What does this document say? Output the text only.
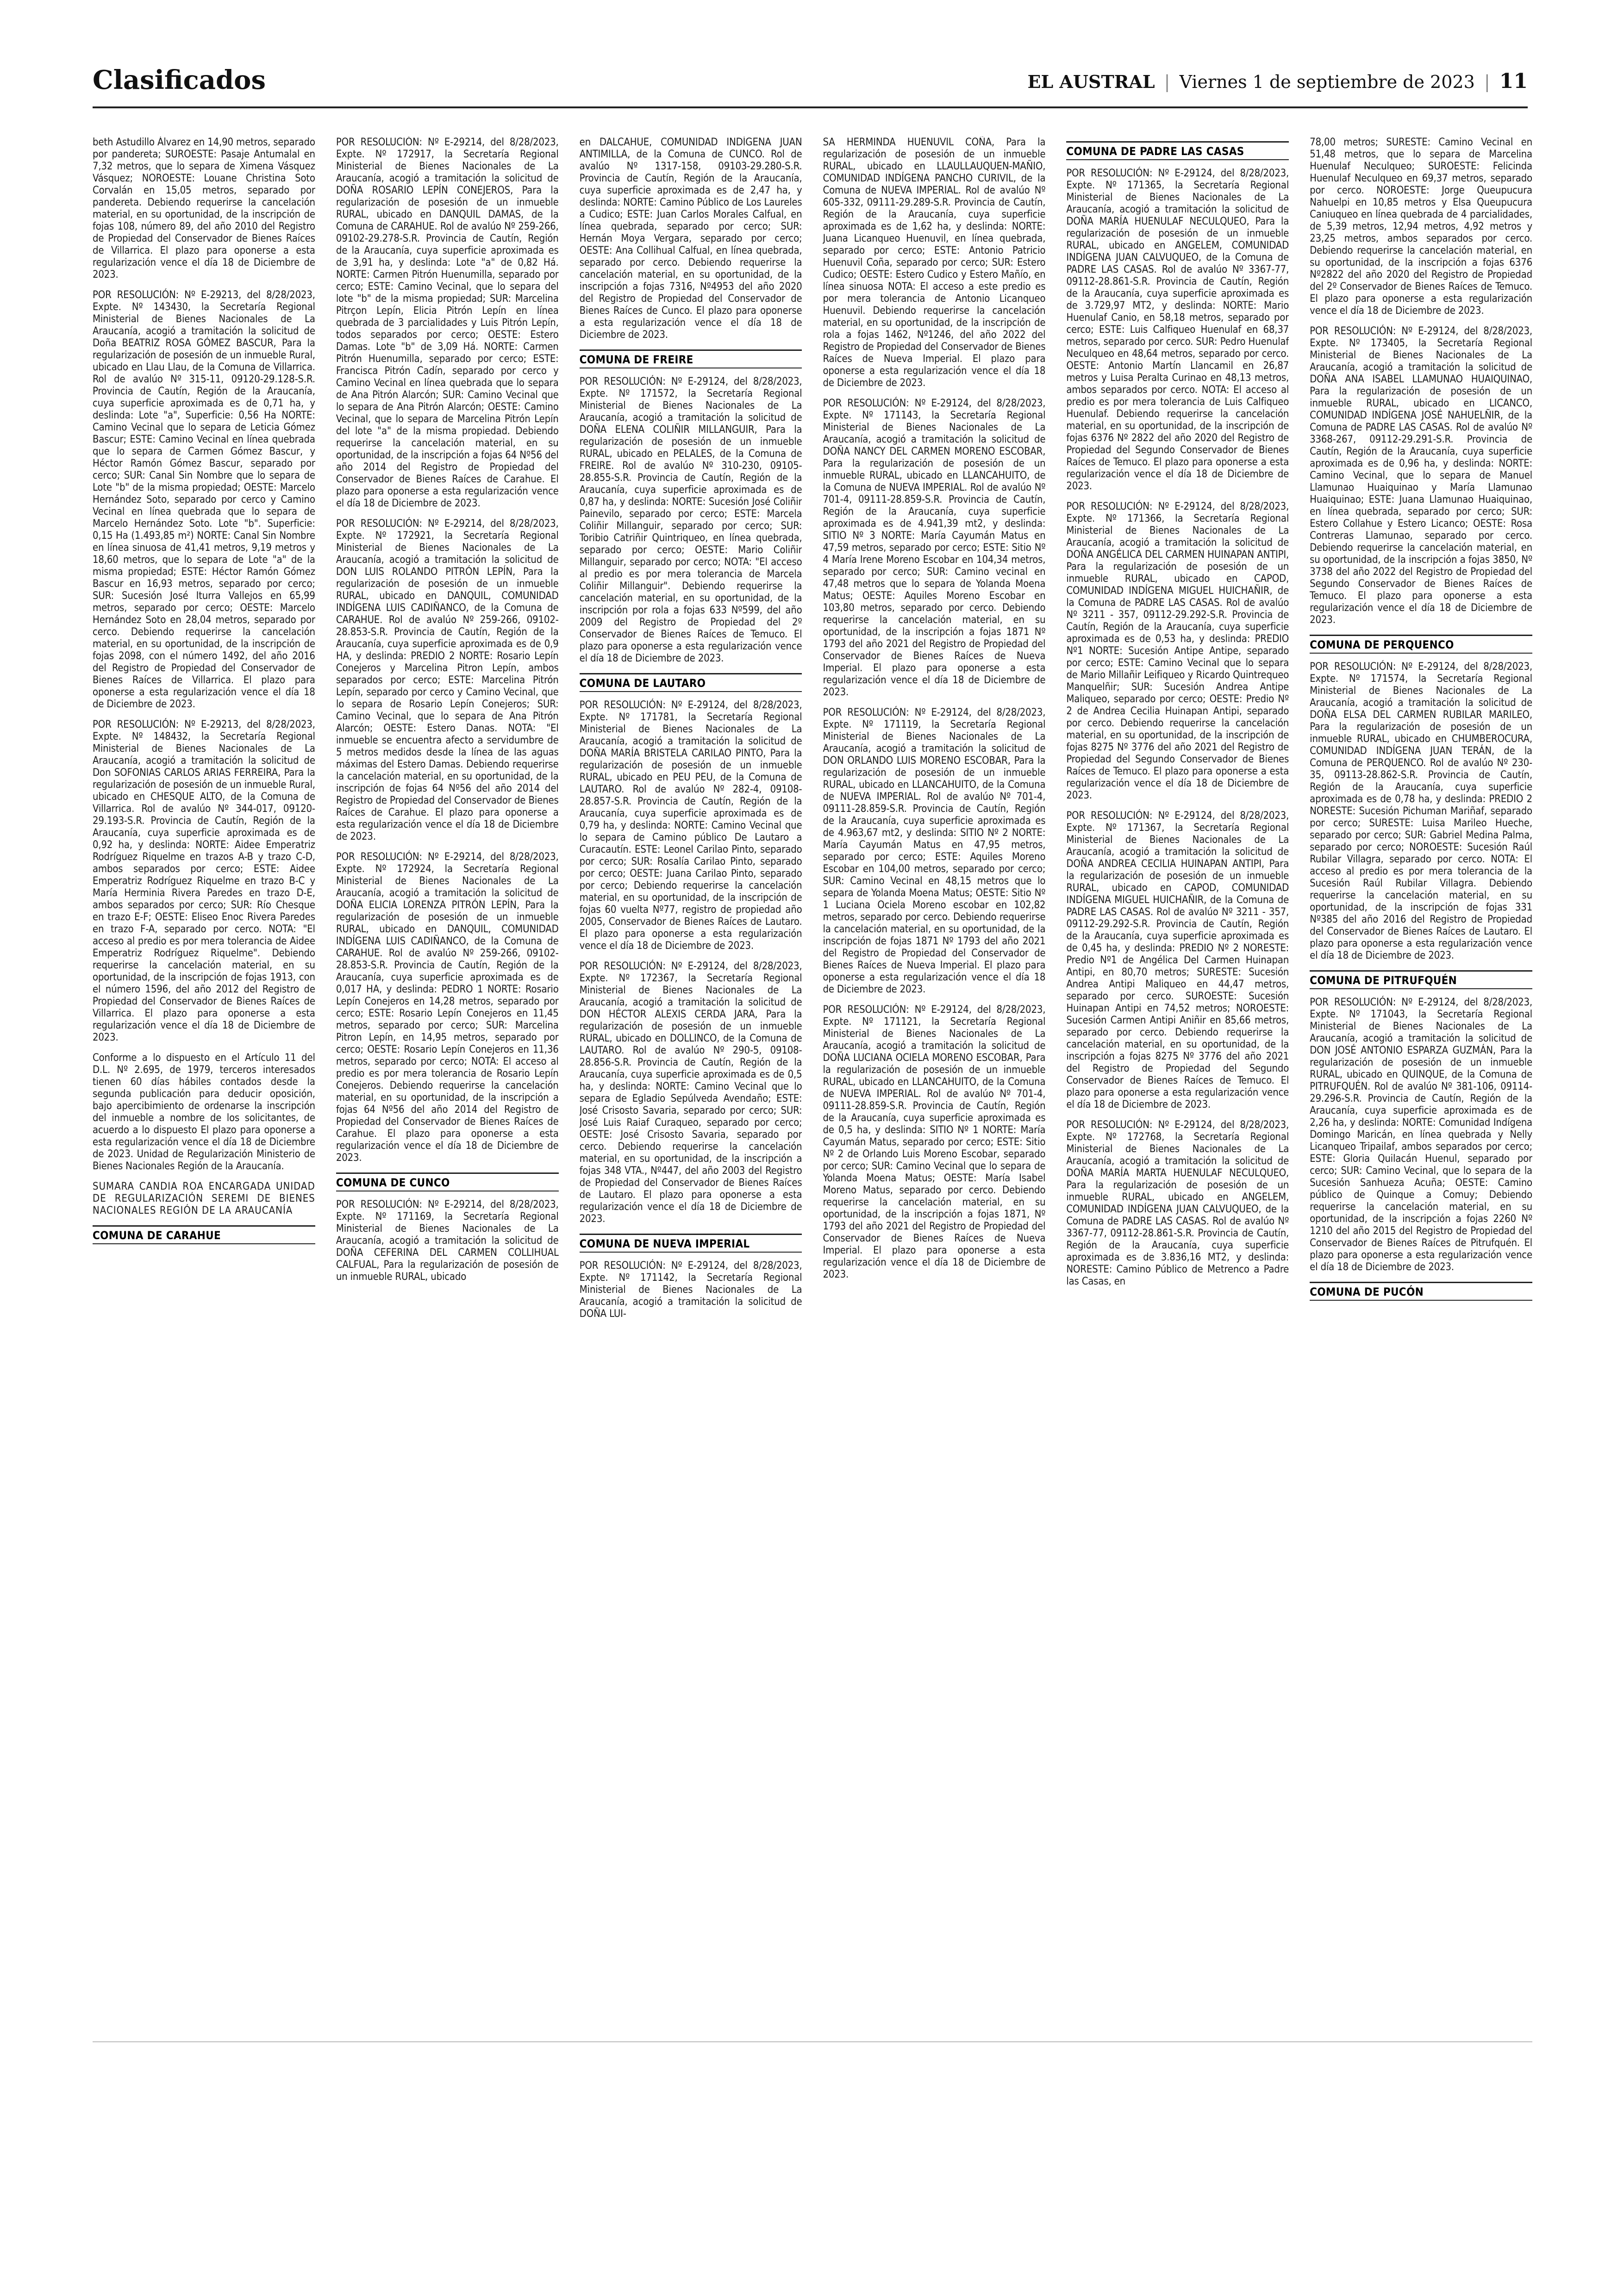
Clasificados	EL AUSTRAL | Viernes 1 de septiembre de 2023 | 11

beth Astudillo Álvarez en 14,90 metros, separado por pandereta; SUROESTE: Pasaje Antumalal en 7,32 metros, que lo separa de Ximena Vásquez Vásquez; NOROESTE: Louane Christina Soto Corvalán en 15,05 metros, separado por pandereta. Debiendo requerirse la cancelación material, en su oportunidad, de la inscripción de fojas 108, número 89, del año 2010 del Registro de Propiedad del Conservador de Bienes Raíces de Villarrica. El plazo para oponerse a esta regularización vence el día 18 de Diciembre de 2023.

POR RESOLUCIÓN: Nº E-29213, del 8/28/2023, Expte. Nº 143430, la Secretaría Regional Ministerial de Bienes Nacionales de La Araucanía, acogió a tramitación la solicitud de Doña BEATRIZ ROSA GÓMEZ BASCUR, Para la regularización de posesión de un inmueble Rural, ubicado en Llau Llau, de la Comuna de Villarrica. Rol de avalúo Nº 315-11, 09120-29.128-S.R. Provincia de Cautín, Región de la Araucanía, cuya superficie aproximada es de 0,71 ha, y deslinda: Lote "a", Superficie: 0,56 Ha NORTE: Camino Vecinal que lo separa de Leticia Gómez Bascur; ESTE: Camino Vecinal en línea quebrada que lo separa de Carmen Gómez Bascur, y Héctor Ramón Gómez Bascur, separado por cerco; SUR: Canal Sin Nombre que lo separa de Lote "b" de la misma propiedad; OESTE: Marcelo Hernández Soto, separado por cerco y Camino Vecinal en línea quebrada que lo separa de Marcelo Hernández Soto. Lote "b". Superficie: 0,15 Ha (1.493,85 m²) NORTE: Canal Sin Nombre en línea sinuosa de 41,41 metros, 9,19 metros y 18,60 metros, que lo separa de Lote "a" de la misma propiedad; ESTE: Héctor Ramón Gómez Bascur en 16,93 metros, separado por cerco; SUR: Sucesión José Iturra Vallejos en 65,99 metros, separado por cerco; OESTE: Marcelo Hernández Soto en 28,04 metros, separado por cerco. Debiendo requerirse la cancelación material, en su oportunidad, de la inscripción de fojas 2098, con el número 1492, del año 2016 del Registro de Propiedad del Conservador de Bienes Raíces de Villarrica. El plazo para oponerse a esta regularización vence el día 18 de Diciembre de 2023.

POR RESOLUCIÓN: Nº E-29213, del 8/28/2023, Expte. Nº 148432, la Secretaría Regional Ministerial de Bienes Nacionales de La Araucanía, acogió a tramitación la solicitud de Don SOFONIAS CARLOS ARIAS FERREIRA, Para la regularización de posesión de un inmueble Rural, ubicado en CHESQUE ALTO, de la Comuna de Villarrica. Rol de avalúo Nº 344-017, 09120-29.193-S.R. Provincia de Cautín, Región de la Araucanía, cuya superficie aproximada es de 0,92 ha, y deslinda: NORTE: Aidee Emperatriz Rodríguez Riquelme en trazos A-B y trazo C-D, ambos separados por cerco; ESTE: Aidee Emperatriz Rodríguez Riquelme en trazo B-C y María Herminia Rivera Paredes en trazo D-E, ambos separados por cerco; SUR: Río Chesque en trazo E-F; OESTE: Eliseo Enoc Rivera Paredes en trazo F-A, separado por cerco. NOTA: "El acceso al predio es por mera tolerancia de Aidee Emperatriz Rodríguez Riquelme". Debiendo requerirse la cancelación material, en su oportunidad, de la inscripción de fojas 1913, con el número 1596, del año 2012 del Registro de Propiedad del Conservador de Bienes Raíces de Villarrica. El plazo para oponerse a esta regularización vence el día 18 de Diciembre de 2023.

Conforme a lo dispuesto en el Artículo 11 del D.L. Nº 2.695, de 1979, terceros interesados tienen 60 días hábiles contados desde la segunda publicación para deducir oposición, bajo apercibimiento de ordenarse la inscripción del inmueble a nombre de los solicitantes, de acuerdo a lo dispuesto El plazo para oponerse a esta regularización vence el día 18 de Diciembre de 2023. Unidad de Regularización Ministerio de Bienes Nacionales Región de la Araucanía.

SUMARA CANDIA ROA ENCARGADA UNIDAD DE REGULARIZACIÓN SEREMI DE BIENES NACIONALES REGIÓN DE LA ARAUCANÍA
COMUNA DE CARAHUE

POR RESOLUCIÓN: Nº E-29214, del 8/28/2023, Expte. Nº 172917, la Secretaría Regional Ministerial de Bienes Nacionales de La Araucanía, acogió a tramitación la solicitud de DOÑA ROSARIO LEPÍN CONEJEROS, Para la regularización de posesión de un inmueble RURAL, ubicado en DANQUIL DAMAS, de la Comuna de CARAHUE. Rol de avalúo Nº 259-266, 09102-29.278-S.R. Provincia de Cautín, Región de la Araucanía, cuya superficie aproximada es de 3,91 ha, y deslinda: Lote "a" de 0,82 Há. NORTE: Carmen Pitrón Huenumilla, separado por cerco; ESTE: Camino Vecinal, que lo separa del lote "b" de la misma propiedad; SUR: Marcelina Pitrçon Lepín, Elicia Pitrón Lepín en línea quebrada de 3 parcialidades y Luis Pitrón Lepín, todos separados por cerco; OESTE: Estero Damas. Lote "b" de 3,09 Há. NORTE: Carmen Pitrón Huenumilla, separado por cerco; ESTE: Francisca Pitrón Cadín, separado por cerco y Camino Vecinal en línea quebrada que lo separa de Ana Pitrón Alarcón; SUR: Camino Vecinal que lo separa de Ana Pitrón Alarcón; OESTE: Camino Vecinal, que lo separa de Marcelina Pitrón Lepín del lote "a" de la misma propiedad. Debiendo requerirse la cancelación material, en su oportunidad, de la inscripción a fojas 64 Nº56 del año 2014 del Registro de Propiedad del Conservador de Bienes Raíces de Carahue. El plazo para oponerse a esta regularización vence el día 18 de Diciembre de 2023.

POR RESOLUCIÓN: Nº E-29214, del 8/28/2023, Expte. Nº 172921, la Secretaría Regional Ministerial de Bienes Nacionales de La Araucanía, acogió a tramitación la solicitud de DON LUIS ROLANDO PITRÓN LEPÍN, Para la regularización de posesión de un inmueble RURAL, ubicado en DANQUIL, COMUNIDAD INDÍGENA LUIS CADIÑANCO, de la Comuna de CARAHUE. Rol de avalúo Nº 259-266, 09102-28.853-S.R. Provincia de Cautín, Región de la Araucanía, cuya superficie aproximada es de 0,9 HA, y deslinda: PREDIO 2 NORTE: Rosario Lepín Conejeros y Marcelina Pitron Lepín, ambos separados por cerco; ESTE: Marcelina Pitrón Lepín, separado por cerco y Camino Vecinal, que lo separa de Rosario Lepín Conejeros; SUR: Camino Vecinal, que lo separa de Ana Pitrón Alarcón; OESTE: Estero Danas. NOTA: "El inmueble se encuentra afecto a servidumbre de 5 metros medidos desde la línea de las aguas máximas del Estero Damas. Debiendo requerirse la cancelación material, en su oportunidad, de la inscripción de fojas 64 Nº56 del año 2014 del Registro de Propiedad del Conservador de Bienes Raíces de Carahue. El plazo para oponerse a esta regularización vence el día 18 de Diciembre de 2023.

POR RESOLUCIÓN: Nº E-29214, del 8/28/2023, Expte. Nº 172924, la Secretaría Regional Ministerial de Bienes Nacionales de La Araucanía, acogió a tramitación la solicitud de DOÑA ELICIA LORENZA PITRÓN LEPÍN, Para la regularización de posesión de un inmueble RURAL, ubicado en DANQUIL, COMUNIDAD INDÍGENA LUIS CADIÑANCO, de la Comuna de CARAHUE. Rol de avalúo Nº 259-266, 09102-28.853-S.R. Provincia de Cautín, Región de la Araucanía, cuya superficie aproximada es de 0,017 HA, y deslinda: PEDRO 1 NORTE: Rosario Lepín Conejeros en 14,28 metros, separado por cerco; ESTE: Rosario Lepín Conejeros en 11,45 metros, separado por cerco; SUR: Marcelina Pitron Lepín, en 14,95 metros, separado por cerco; OESTE: Rosario Lepín Conejeros en 11,36 metros, separado por cerco; NOTA: El acceso al predio es por mera tolerancia de Rosario Lepín Conejeros. Debiendo requerirse la cancelación material, en su oportunidad, de la inscripción a fojas 64 Nº56 del año 2014 del Registro de Propiedad del Conservador de Bienes Raíces de Carahue. El plazo para oponerse a esta regularización vence el día 18 de Diciembre de 2023.

COMUNA DE CUNCO

POR RESOLUCIÓN: Nº E-29214, del 8/28/2023, Expte. Nº 171169, la Secretaría Regional Ministerial de Bienes Nacionales de La Araucanía, acogió a tramitación la solicitud de DOÑA CEFERINA DEL CARMEN COLLIHUAL CALFUAL, Para la regularización de posesión de un inmueble RURAL, ubicado

en DALCAHUE, COMUNIDAD INDÍGENA JUAN ANTIMILLA, de la Comuna de CUNCO. Rol de avalúo Nº 1317-158, 09103-29.280-S.R. Provincia de Cautín, Región de la Araucanía, cuya superficie aproximada es de 2,47 ha, y deslinda: NORTE: Camino Público de Los Laureles a Cudico; ESTE: Juan Carlos Morales Calfual, en línea quebrada, separado por cerco; SUR: Hernán Moya Vergara, separado por cerco; OESTE: Ana Collihual Calfual, en línea quebrada, separado por cerco. Debiendo requerirse la cancelación material, en su oportunidad, de la inscripción a fojas 7316, Nº4953 del año 2020 del Registro de Propiedad del Conservador de Bienes Raíces de Cunco. El plazo para oponerse a esta regularización vence el día 18 de Diciembre de 2023.

COMUNA DE FREIRE

POR RESOLUCIÓN: Nº E-29124, del 8/28/2023, Expte. Nº 171572, la Secretaría Regional Ministerial de Bienes Nacionales de La Araucanía, acogió a tramitación la solicitud de DOÑA ELENA COLIÑIR MILLANGUIR, Para la regularización de posesión de un inmueble RURAL, ubicado en PELALES, de la Comuna de FREIRE. Rol de avalúo Nº 310-230, 09105-28.855-S.R. Provincia de Cautín, Región de la Araucanía, cuya superficie aproximada es de 0,87 ha, y deslinda: NORTE: Sucesión José Coliñir Painevilo, separado por cerco; ESTE: Marcela Coliñir Millanguir, separado por cerco; SUR: Toribio Catriñir Quintriqueo, en línea quebrada, separado por cerco; OESTE: Mario Coliñir Millanguir, separado por cerco; NOTA: "El acceso al predio es por mera tolerancia de Marcela Coliñir Millanguir". Debiendo requerirse la cancelación material, en su oportunidad, de la inscripción por rola a fojas 633 Nº599, del año 2009 del Registro de Propiedad del 2º Conservador de Bienes Raíces de Temuco. El plazo para oponerse a esta regularización vence el día 18 de Diciembre de 2023.

COMUNA DE LAUTARO

POR RESOLUCIÓN: Nº E-29124, del 8/28/2023, Expte. Nº 171781, la Secretaría Regional Ministerial de Bienes Nacionales de La Araucanía, acogió a tramitación la solicitud de DOÑA MARÍA BRISTELA CARILAO PINTO, Para la regularización de posesión de un inmueble RURAL, ubicado en PEU PEU, de la Comuna de LAUTARO. Rol de avalúo Nº 282-4, 09108-28.857-S.R. Provincia de Cautín, Región de la Araucanía, cuya superficie aproximada es de 0,79 ha, y deslinda: NORTE: Camino Vecinal que lo separa de Camino público De Lautaro a Curacautín. ESTE: Leonel Carilao Pinto, separado por cerco; SUR: Rosalía Carilao Pinto, separado por cerco; OESTE: Juana Carilao Pinto, separado por cerco; Debiendo requerirse la cancelación material, en su oportunidad, de la inscripción de fojas 60 vuelta Nº77, registro de propiedad año 2005, Conservador de Bienes Raíces de Lautaro. El plazo para oponerse a esta regularización vence el día 18 de Diciembre de 2023.

POR RESOLUCIÓN: Nº E-29124, del 8/28/2023, Expte. Nº 172367, la Secretaría Regional Ministerial de Bienes Nacionales de La Araucanía, acogió a tramitación la solicitud de DON HÉCTOR ALEXIS CERDA JARA, Para la regularización de posesión de un inmueble RURAL, ubicado en DOLLINCO, de la Comuna de LAUTARO. Rol de avalúo Nº 290-5, 09108-28.856-S.R. Provincia de Cautín, Región de la Araucanía, cuya superficie aproximada es de 0,5 ha, y deslinda: NORTE: Camino Vecinal que lo separa de Egladio Sepúlveda Avendaño; ESTE: José Crisosto Savaria, separado por cerco; SUR: José Luis Raiaf Curaqueo, separado por cerco; OESTE: José Crisosto Savaria, separado por cerco. Debiendo requerirse la cancelación material, en su oportunidad, de la inscripción a fojas 348 VTA., Nº447, del año 2003 del Registro de Propiedad del Conservador de Bienes Raíces de Lautaro. El plazo para oponerse a esta regularización vence el día 18 de Diciembre de 2023.

COMUNA DE NUEVA IMPERIAL

POR RESOLUCIÓN: Nº E-29124, del 8/28/2023, Expte. Nº 171142, la Secretaría Regional Ministerial de Bienes Nacionales de La Araucanía, acogió a tramitación la solicitud de DOÑA LUI-

SA HERMINDA HUENUVIL COÑA, Para la regularización de posesión de un inmueble RURAL, ubicado en LLAULLAUQUEN-MAÑIO, COMUNIDAD INDÍGENA PANCHO CURIVIL, de la Comuna de NUEVA IMPERIAL. Rol de avalúo Nº 605-332, 09111-29.289-S.R. Provincia de Cautín, Región de la Araucanía, cuya superficie aproximada es de 1,62 ha, y deslinda: NORTE: Juana Licanqueo Huenuvil, en línea quebrada, separado por cerco; ESTE: Antonio Patricio Huenuvil Coña, separado por cerco; SUR: Estero Cudico; OESTE: Estero Cudico y Estero Mañío, en línea sinuosa NOTA: El acceso a este predio es por mera tolerancia de Antonio Licanqueo Huenuvil. Debiendo requerirse la cancelación material, en su oportunidad, de la inscripción de rola a fojas 1462, Nº1246, del año 2022 del Registro de Propiedad del Conservador de Bienes Raíces de Nueva Imperial. El plazo para oponerse a esta regularización vence el día 18 de Diciembre de 2023.

POR RESOLUCIÓN: Nº E-29124, del 8/28/2023, Expte. Nº 171143, la Secretaría Regional Ministerial de Bienes Nacionales de La Araucanía, acogió a tramitación la solicitud de DOÑA NANCY DEL CARMEN MORENO ESCOBAR, Para la regularización de posesión de un inmueble RURAL, ubicado en LLANCAHUITO, de la Comuna de NUEVA IMPERIAL. Rol de avalúo Nº 701-4, 09111-28.859-S.R. Provincia de Cautín, Región de la Araucanía, cuya superficie aproximada es de 4.941,39 mt2, y deslinda: SITIO Nº 3 NORTE: María Cayumán Matus en 47,59 metros, separado por cerco; ESTE: Sitio Nº 4 María Irene Moreno Escobar en 104,34 metros, separado por cerco; SUR: Camino vecinal en 47,48 metros que lo separa de Yolanda Moena Matus; OESTE: Aquiles Moreno Escobar en 103,80 metros, separado por cerco. Debiendo requerirse la cancelación material, en su oportunidad, de la inscripción a fojas 1871 Nº 1793 del año 2021 del Registro de Propiedad del Conservador de Bienes Raíces de Nueva Imperial. El plazo para oponerse a esta regularización vence el día 18 de Diciembre de 2023.

POR RESOLUCIÓN: Nº E-29124, del 8/28/2023, Expte. Nº 171119, la Secretaría Regional Ministerial de Bienes Nacionales de La Araucanía, acogió a tramitación la solicitud de DON ORLANDO LUIS MORENO ESCOBAR, Para la regularización de posesión de un inmueble RURAL, ubicado en LLANCAHUITO, de la Comuna de NUEVA IMPERIAL. Rol de avalúo Nº 701-4, 09111-28.859-S.R. Provincia de Cautín, Región de la Araucanía, cuya superficie aproximada es de 4.963,67 mt2, y deslinda: SITIO Nº 2 NORTE: María Cayumán Matus en 47,95 metros, separado por cerco; ESTE: Aquiles Moreno Escobar en 104,00 metros, separado por cerco; SUR: Camino Vecinal en 48,15 metros que lo separa de Yolanda Moena Matus; OESTE: Sitio Nº 1 Luciana Ociela Moreno escobar en 102,82 metros, separado por cerco. Debiendo requerirse la cancelación material, en su oportunidad, de la inscripción de fojas 1871 Nº 1793 del año 2021 del Registro de Propiedad del Conservador de Bienes Raíces de Nueva Imperial. El plazo para oponerse a esta regularización vence el día 18 de Diciembre de 2023.

POR RESOLUCIÓN: Nº E-29124, del 8/28/2023, Expte. Nº 171121, la Secretaría Regional Ministerial de Bienes Nacionales de La Araucanía, acogió a tramitación la solicitud de DOÑA LUCIANA OCIELA MORENO ESCOBAR, Para la regularización de posesión de un inmueble RURAL, ubicado en LLANCAHUITO, de la Comuna de NUEVA IMPERIAL. Rol de avalúo Nº 701-4, 09111-28.859-S.R. Provincia de Cautín, Región de la Araucanía, cuya superficie aproximada es de 0,5 ha, y deslinda: SITIO Nº 1 NORTE: María Cayumán Matus, separado por cerco; ESTE: Sitio Nº 2 de Orlando Luis Moreno Escobar, separado por cerco; SUR: Camino Vecinal que lo separa de Yolanda Moena Matus; OESTE: María Isabel Moreno Matus, separado por cerco. Debiendo requerirse la cancelación material, en su oportunidad, de la inscripción a fojas 1871, Nº 1793 del año 2021 del Registro de Propiedad del Conservador de Bienes Raíces de Nueva Imperial. El plazo para oponerse a esta regularización vence el día 18 de Diciembre de 2023.

COMUNA DE PADRE LAS CASAS

POR RESOLUCIÓN: Nº E-29124, del 8/28/2023, Expte. Nº 171365, la Secretaría Regional Ministerial de Bienes Nacionales de La Araucanía, acogió a tramitación la solicitud de DOÑA MARÍA HUENULAF NECULQUEO, Para la regularización de posesión de un inmueble RURAL, ubicado en ANGELEM, COMUNIDAD INDÍGENA JUAN CALVUQUEO, de la Comuna de PADRE LAS CASAS. Rol de avalúo Nº 3367-77, 09112-28.861-S.R. Provincia de Cautín, Región de la Araucanía, cuya superficie aproximada es de 3.729,97 MT2, y deslinda: NORTE: Mario Huenulaf Canio, en 58,18 metros, separado por cerco; ESTE: Luis Calfiqueo Huenulaf en 68,37 metros, separado por cerco. SUR: Pedro Huenulaf Neculqueo en 48,64 metros, separado por cerco. OESTE: Antonio Martín Llancamil en 26,87 metros y Luisa Peralta Curinao en 48,13 metros, ambos separados por cerco. NOTA: El acceso al predio es por mera tolerancia de Luis Calfiqueo Huenulaf. Debiendo requerirse la cancelación material, en su oportunidad, de la inscripción de fojas 6376 Nº 2822 del año 2020 del Registro de Propiedad del Segundo Conservador de Bienes Raíces de Temuco. El plazo para oponerse a esta regularización vence el día 18 de Diciembre de 2023.

POR RESOLUCIÓN: Nº E-29124, del 8/28/2023, Expte. Nº 171366, la Secretaría Regional Ministerial de Bienes Nacionales de La Araucanía, acogió a tramitación la solicitud de DOÑA ANGÉLICA DEL CARMEN HUINAPAN ANTIPI, Para la regularización de posesión de un inmueble RURAL, ubicado en CAPOD, COMUNIDAD INDÍGENA MIGUEL HUICHAÑIR, de la Comuna de PADRE LAS CASAS. Rol de avalúo Nº 3211 - 357, 09112-29.292-S.R. Provincia de Cautín, Región de la Araucanía, cuya superficie aproximada es de 0,53 ha, y deslinda: PREDIO Nº1 NORTE: Sucesión Antipe Antipe, separado por cerco; ESTE: Camino Vecinal que lo separa de Mario Millañir Leifiqueo y Ricardo Quintrequeo Manquelñir; SUR: Sucesión Andrea Antipe Maliqueo, separado por cerco; OESTE: Predio Nº 2 de Andrea Cecilia Huinapan Antipi, separado por cerco. Debiendo requerirse la cancelación material, en su oportunidad, de la inscripción de fojas 8275 Nº 3776 del año 2021 del Registro de Propiedad del Segundo Conservador de Bienes Raíces de Temuco. El plazo para oponerse a esta regularización vence el día 18 de Diciembre de 2023.

POR RESOLUCIÓN: Nº E-29124, del 8/28/2023, Expte. Nº 171367, la Secretaría Regional Ministerial de Bienes Nacionales de La Araucanía, acogió a tramitación la solicitud de DOÑA ANDREA CECILIA HUINAPAN ANTIPI, Para la regularización de posesión de un inmueble RURAL, ubicado en CAPOD, COMUNIDAD INDÍGENA MIGUEL HUICHAÑIR, de la Comuna de PADRE LAS CASAS. Rol de avalúo Nº 3211 - 357, 09112-29.292-S.R. Provincia de Cautín, Región de la Araucanía, cuya superficie aproximada es de 0,45 ha, y deslinda: PREDIO Nº 2 NORESTE: Predio Nº1 de Angélica Del Carmen Huinapan Antipi, en 80,70 metros; SURESTE: Sucesión Andrea Antipi Maliqueo en 44,47 metros, separado por cerco. SUROESTE: Sucesión Huinapan Antipi en 74,52 metros; NOROESTE: Sucesión Carmen Antipi Aniñir en 85,66 metros, separado por cerco. Debiendo requerirse la cancelación material, en su oportunidad, de la inscripción a fojas 8275 Nº 3776 del año 2021 del Registro de Propiedad del Segundo Conservador de Bienes Raíces de Temuco. El plazo para oponerse a esta regularización vence el día 18 de Diciembre de 2023.

POR RESOLUCIÓN: Nº E-29124, del 8/28/2023, Expte. Nº 172768, la Secretaría Regional Ministerial de Bienes Nacionales de La Araucanía, acogió a tramitación la solicitud de DOÑA MARÍA MARTA HUENULAF NECULQUEO, Para la regularización de posesión de un inmueble RURAL, ubicado en ANGELEM, COMUNIDAD INDÍGENA JUAN CALVUQUEO, de la Comuna de PADRE LAS CASAS. Rol de avalúo Nº 3367-77, 09112-28.861-S.R. Provincia de Cautín, Región de la Araucanía, cuya superficie aproximada es de 3.836,16 MT2, y deslinda: NORESTE: Camino Público de Metrenco a Padre las Casas, en

78,00 metros; SURESTE: Camino Vecinal en 51,48 metros, que lo separa de Marcelina Huenulaf Neculqueo; SUROESTE: Felicinda Huenulaf Neculqueo en 69,37 metros, separado por cerco. NOROESTE: Jorge Queupucura Nahuelpi en 10,85 metros y Elsa Queupucura Caniuqueo en línea quebrada de 4 parcialidades, de 5,39 metros, 12,94 metros, 4,92 metros y 23,25 metros, ambos separados por cerco. Debiendo requerirse la cancelación material, en su oportunidad, de la inscripción a fojas 6376 Nº2822 del año 2020 del Registro de Propiedad del 2º Conservador de Bienes Raíces de Temuco. El plazo para oponerse a esta regularización vence el día 18 de Diciembre de 2023.

POR RESOLUCIÓN: Nº E-29124, del 8/28/2023, Expte. Nº 173405, la Secretaría Regional Ministerial de Bienes Nacionales de La Araucanía, acogió a tramitación la solicitud de DOÑA ANA ISABEL LLAMUNAO HUAIQUINAO, Para la regularización de posesión de un inmueble RURAL, ubicado en LICANCO, COMUNIDAD INDÍGENA JOSÉ NAHUELÑIR, de la Comuna de PADRE LAS CASAS. Rol de avalúo Nº 3368-267, 09112-29.291-S.R. Provincia de Cautín, Región de la Araucanía, cuya superficie aproximada es de 0,96 ha, y deslinda: NORTE: Camino Vecinal, que lo separa de Manuel Llamunao Huaiquinao y María Llamunao Huaiquinao; ESTE: Juana Llamunao Huaiquinao, en línea quebrada, separado por cerco; SUR: Estero Collahue y Estero Licanco; OESTE: Rosa Contreras Llamunao, separado por cerco. Debiendo requerirse la cancelación material, en su oportunidad, de la inscripción a fojas 3850, Nº 3738 del año 2022 del Registro de Propiedad del Segundo Conservador de Bienes Raíces de Temuco. El plazo para oponerse a esta regularización vence el día 18 de Diciembre de 2023.

COMUNA DE PERQUENCO

POR RESOLUCIÓN: Nº E-29124, del 8/28/2023, Expte. Nº 171574, la Secretaría Regional Ministerial de Bienes Nacionales de La Araucanía, acogió a tramitación la solicitud de DOÑA ELSA DEL CARMEN RUBILAR MARILEO, Para la regularización de posesión de un inmueble RURAL, ubicado en CHUMBEROCURA, COMUNIDAD INDÍGENA JUAN TERÁN, de la Comuna de PERQUENCO. Rol de avalúo Nº 230-35, 09113-28.862-S.R. Provincia de Cautín, Región de la Araucanía, cuya superficie aproximada es de 0,78 ha, y deslinda: PREDIO 2 NORESTE: Sucesión Pichuman Mariñaf, separado por cerco; SURESTE: Luisa Marileo Hueche, separado por cerco; SUR: Gabriel Medina Palma, separado por cerco; NOROESTE: Sucesión Raúl Rubilar Villagra, separado por cerco. NOTA: El acceso al predio es por mera tolerancia de la Sucesión Raúl Rubilar Villagra. Debiendo requerirse la cancelación material, en su oportunidad, de la inscripción de fojas 331 Nº385 del año 2016 del Registro de Propiedad del Conservador de Bienes Raíces de Lautaro. El plazo para oponerse a esta regularización vence el día 18 de Diciembre de 2023.

COMUNA DE PITRUFQUÉN

POR RESOLUCIÓN: Nº E-29124, del 8/28/2023, Expte. Nº 171043, la Secretaría Regional Ministerial de Bienes Nacionales de La Araucanía, acogió a tramitación la solicitud de DON JOSÉ ANTONIO ESPARZA GUZMÁN, Para la regularización de posesión de un inmueble RURAL, ubicado en QUINQUE, de la Comuna de PITRUFQUÉN. Rol de avalúo Nº 381-106, 09114-29.296-S.R. Provincia de Cautín, Región de la Araucanía, cuya superficie aproximada es de 2,26 ha, y deslinda: NORTE: Comunidad Indígena Domingo Maricán, en línea quebrada y Nelly Licanqueo Tripailaf, ambos separados por cerco; ESTE: Gloria Quilacán Huenul, separado por cerco; SUR: Camino Vecinal, que lo separa de la Sucesión Sanhueza Acuña; OESTE: Camino público de Quinque a Comuy; Debiendo requerirse la cancelación material, en su oportunidad, de la inscripción a fojas 2260 Nº 1210 del año 2015 del Registro de Propiedad del Conservador de Bienes Raíces de Pitrufquén. El plazo para oponerse a esta regularización vence el día 18 de Diciembre de 2023.

COMUNA DE PUCÓN
